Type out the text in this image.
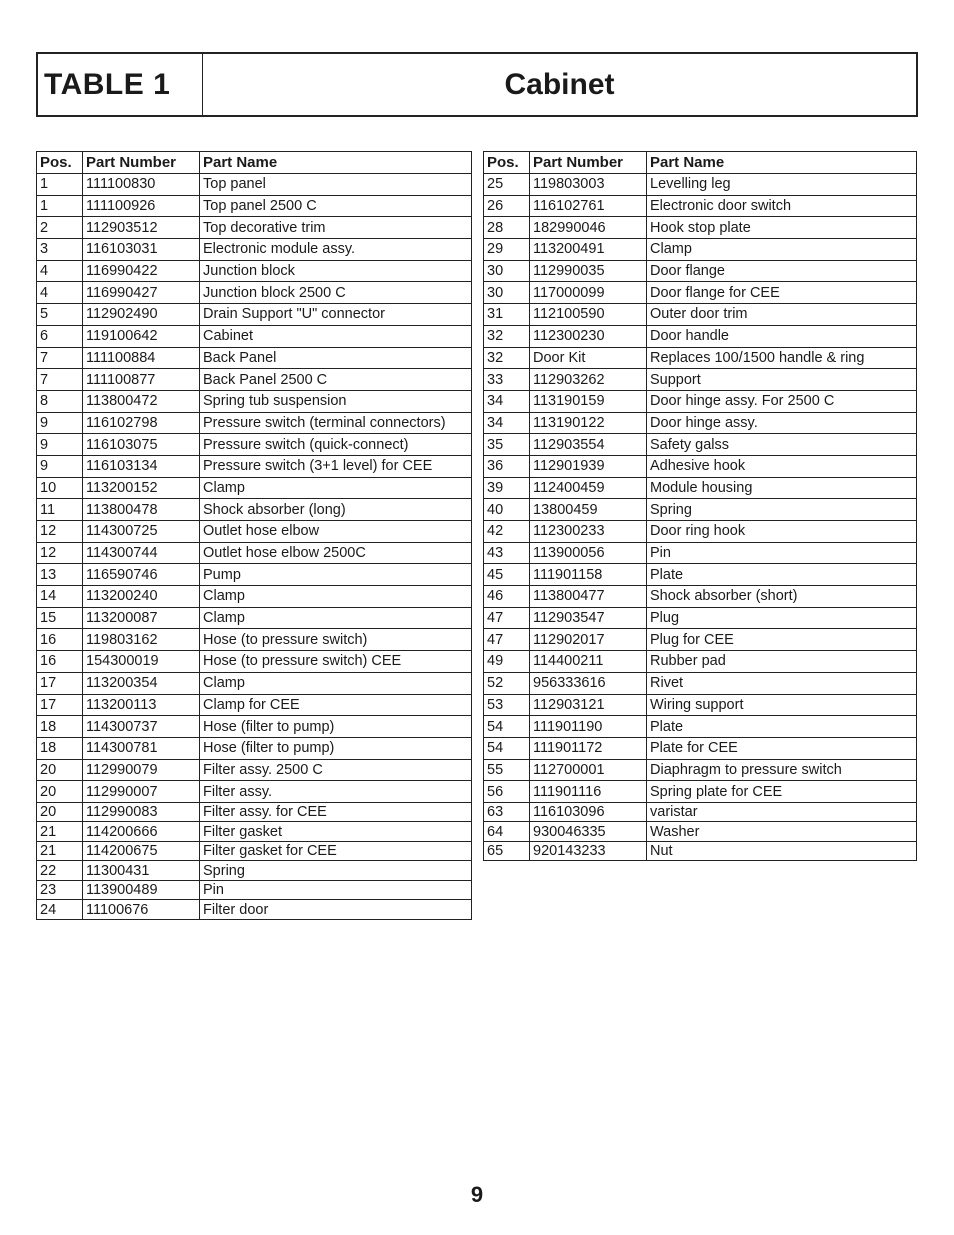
TABLE 1	Cabinet
Pos.	Part Number	Part Name
1	111100830	Top panel
1	111100926	Top panel 2500 C
2	112903512	Top decorative trim
3	116103031	Electronic module assy.
4	116990422	Junction block
4	116990427	Junction block 2500 C
5	112902490	Drain Support "U" connector
6	119100642	Cabinet
7	111100884	Back Panel
7	111100877	Back Panel 2500 C
8	113800472	Spring tub suspension
9	116102798	Pressure switch (terminal connectors)
9	116103075	Pressure switch (quick-connect)
9	116103134	Pressure switch (3+1 level) for CEE
10	113200152	Clamp
11	113800478	Shock absorber (long)
12	114300725	Outlet hose elbow
12	114300744	Outlet hose elbow 2500C
13	116590746	Pump
14	113200240	Clamp
15	113200087	Clamp
16	119803162	Hose (to pressure switch)
16	154300019	Hose (to pressure switch) CEE
17	113200354	Clamp
17	113200113	Clamp for CEE
18	114300737	Hose (filter to pump)
18	114300781	Hose (filter to pump)
20	112990079	Filter assy. 2500 C
20	112990007	Filter assy.
20	112990083	Filter assy. for CEE
21	114200666	Filter gasket
21	114200675	Filter gasket for CEE
22	11300431	Spring
23	113900489	Pin
24	11100676	Filter door
Pos.	Part Number	Part Name
25	119803003	Levelling leg
26	116102761	Electronic door switch
28	182990046	Hook stop plate
29	113200491	Clamp
30	112990035	Door flange
30	117000099	Door flange for CEE
31	112100590	Outer door trim
32	112300230	Door handle
32	Door Kit	Replaces 100/1500 handle & ring
33	112903262	Support
34	113190159	Door hinge assy. For 2500 C
34	113190122	Door hinge assy.
35	112903554	Safety galss
36	112901939	Adhesive hook
39	112400459	Module housing
40	13800459	Spring
42	112300233	Door ring hook
43	113900056	Pin
45	111901158	Plate
46	113800477	Shock absorber (short)
47	112903547	Plug
47	112902017	Plug for CEE
49	114400211	Rubber pad
52	956333616	Rivet
53	112903121	Wiring support
54	111901190	Plate
54	111901172	Plate for CEE
55	112700001	Diaphragm to pressure switch
56	111901116	Spring plate for CEE
63	116103096	varistar
64	930046335	Washer
65	920143233	Nut
9
